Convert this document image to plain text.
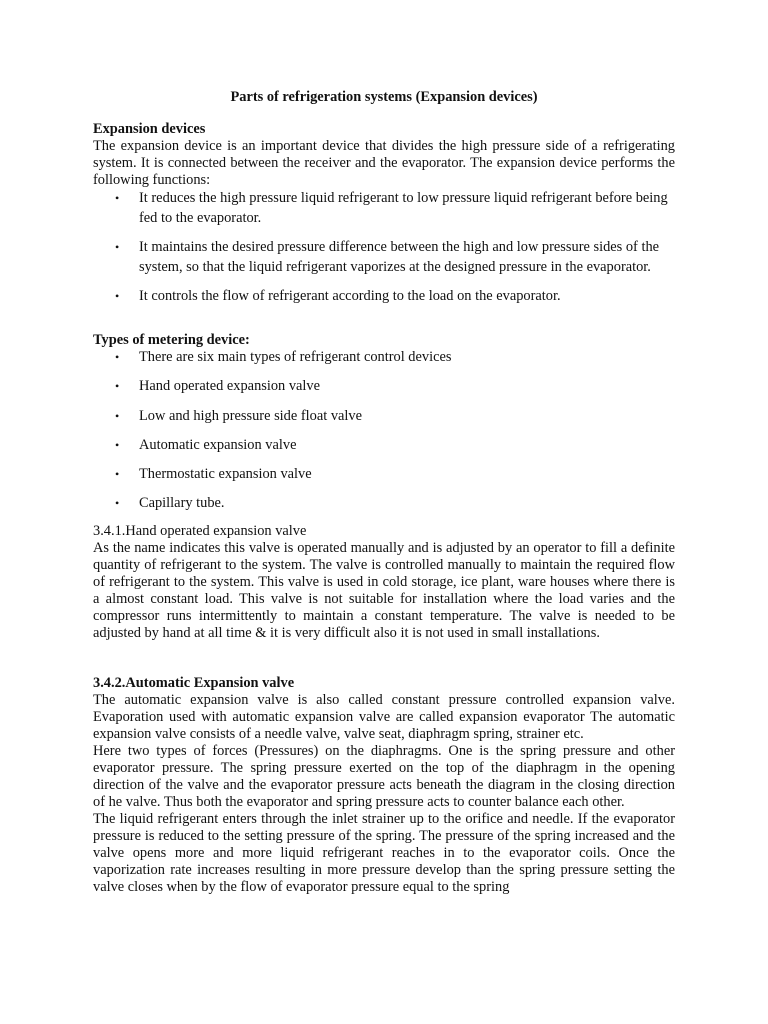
Parts of refrigeration systems (Expansion devices)
Expansion devices

The expansion device is an important device that divides the high pressure side of a refrigerating system. It is connected between the receiver and the evaporator. The expansion device performs the following functions:

• It reduces the high pressure liquid refrigerant to low pressure liquid refrigerant before being fed to the evaporator.
• It maintains the desired pressure difference between the high and low pressure sides of the system, so that the liquid refrigerant vaporizes at the designed pressure in the evaporator.
• It controls the flow of refrigerant according to the load on the evaporator.
Types of metering device:
• There are six main types of refrigerant control devices
• Hand operated expansion valve
• Low and high pressure side float valve
• Automatic expansion valve
• Thermostatic expansion valve
• Capillary tube.
3.4.1.Hand operated expansion valve

As the name indicates this valve is operated manually and is adjusted by an operator to fill a definite quantity of refrigerant to the system. The valve is controlled manually to maintain the required flow of refrigerant to the system. This valve is used in cold storage, ice plant, ware houses where there is a almost constant load. This valve is not suitable for installation where the load varies and the compressor runs intermittently to maintain a constant temperature. The valve is needed to be adjusted by hand at all time & it is very difficult also it is not used in small installations.

3.4.2.Automatic Expansion valve

The automatic expansion valve is also called constant pressure controlled expansion valve. Evaporation used with automatic expansion valve are called expansion evaporator The automatic expansion valve consists of a needle valve, valve seat, diaphragm spring, strainer etc.

Here two types of forces (Pressures) on the diaphragms. One is the spring pressure and other evaporator pressure. The spring pressure exerted on the top of the diaphragm in the opening direction of the valve and the evaporator pressure acts beneath the diagram in the closing direction of he valve. Thus both the evaporator and spring pressure acts to counter balance each other.

The liquid refrigerant enters through the inlet strainer up to the orifice and needle. If the evaporator pressure is reduced to the setting pressure of the spring. The pressure of the spring increased and the valve opens more and more liquid refrigerant reaches in to the evaporator coils. Once the vaporization rate increases resulting in more pressure develop than the spring pressure setting the valve closes when by the flow of evaporator pressure equal to the spring
